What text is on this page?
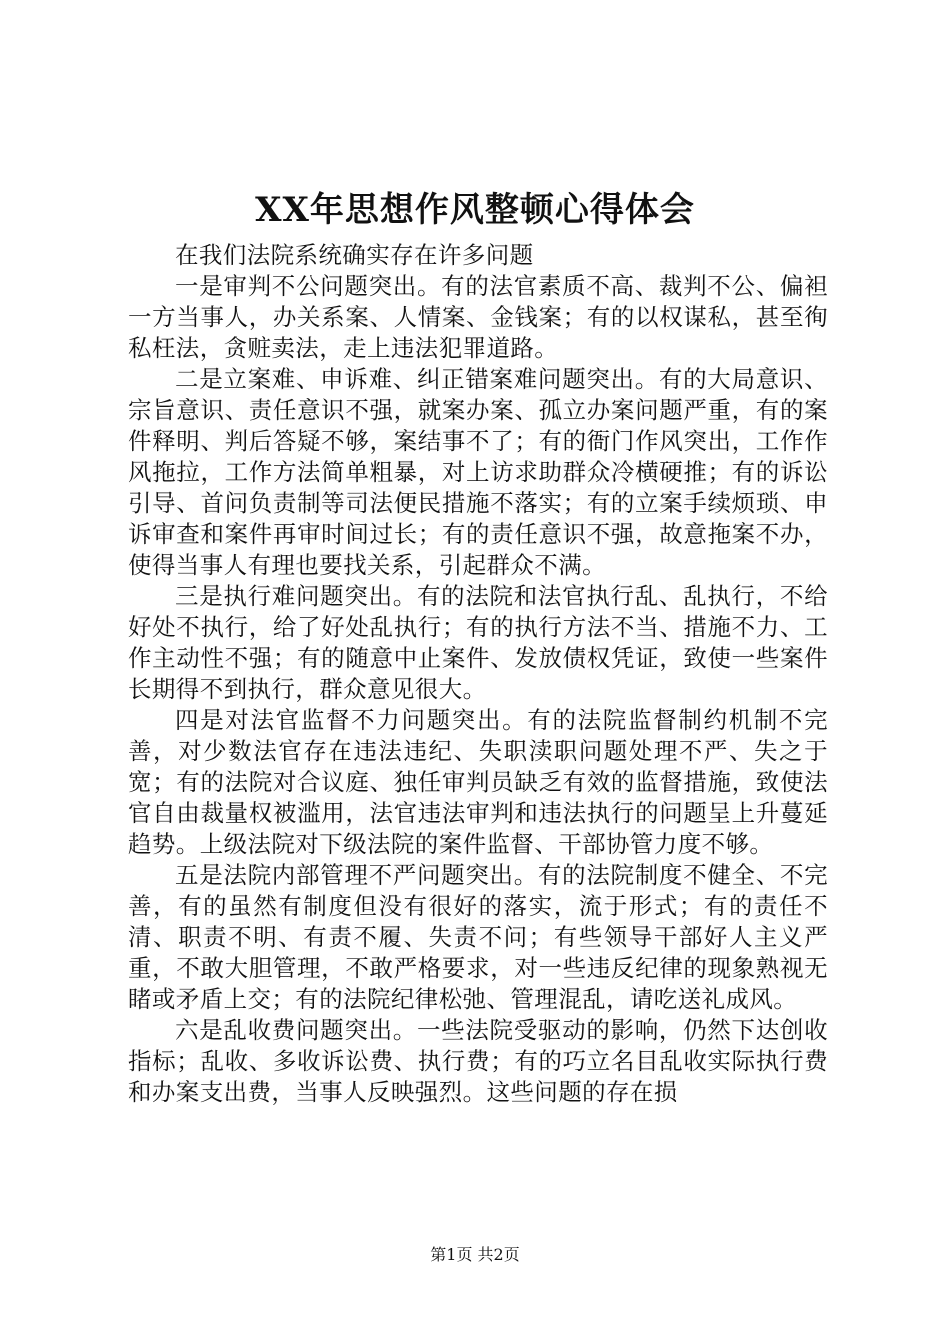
XX年思想作风整顿心得体会

在我们法院系统确实存在许多问题

一是审判不公问题突出。有的法官素质不高、裁判不公、偏袒一方当事人，办关系案、人情案、金钱案；有的以权谋私，甚至徇私枉法，贪赃卖法，走上违法犯罪道路。

二是立案难、申诉难、纠正错案难问题突出。有的大局意识、宗旨意识、责任意识不强，就案办案、孤立办案问题严重，有的案件释明、判后答疑不够，案结事不了；有的衙门作风突出，工作作风拖拉，工作方法简单粗暴，对上访求助群众冷横硬推；有的诉讼引导、首问负责制等司法便民措施不落实；有的立案手续烦琐、申诉审查和案件再审时间过长；有的责任意识不强，故意拖案不办，使得当事人有理也要找关系，引起群众不满。

三是执行难问题突出。有的法院和法官执行乱、乱执行，不给好处不执行，给了好处乱执行；有的执行方法不当、措施不力、工作主动性不强；有的随意中止案件、发放债权凭证，致使一些案件长期得不到执行，群众意见很大。

四是对法官监督不力问题突出。有的法院监督制约机制不完善，对少数法官存在违法违纪、失职渎职问题处理不严、失之于宽；有的法院对合议庭、独任审判员缺乏有效的监督措施，致使法官自由裁量权被滥用，法官违法审判和违法执行的问题呈上升蔓延趋势。上级法院对下级法院的案件监督、干部协管力度不够。

五是法院内部管理不严问题突出。有的法院制度不健全、不完善，有的虽然有制度但没有很好的落实，流于形式；有的责任不清、职责不明、有责不履、失责不问；有些领导干部好人主义严重，不敢大胆管理，不敢严格要求，对一些违反纪律的现象熟视无睹或矛盾上交；有的法院纪律松弛、管理混乱，请吃送礼成风。

六是乱收费问题突出。一些法院受驱动的影响，仍然下达创收指标；乱收、多收诉讼费、执行费；有的巧立名目乱收实际执行费和办案支出费，当事人反映强烈。这些问题的存在损

第1页 共2页
